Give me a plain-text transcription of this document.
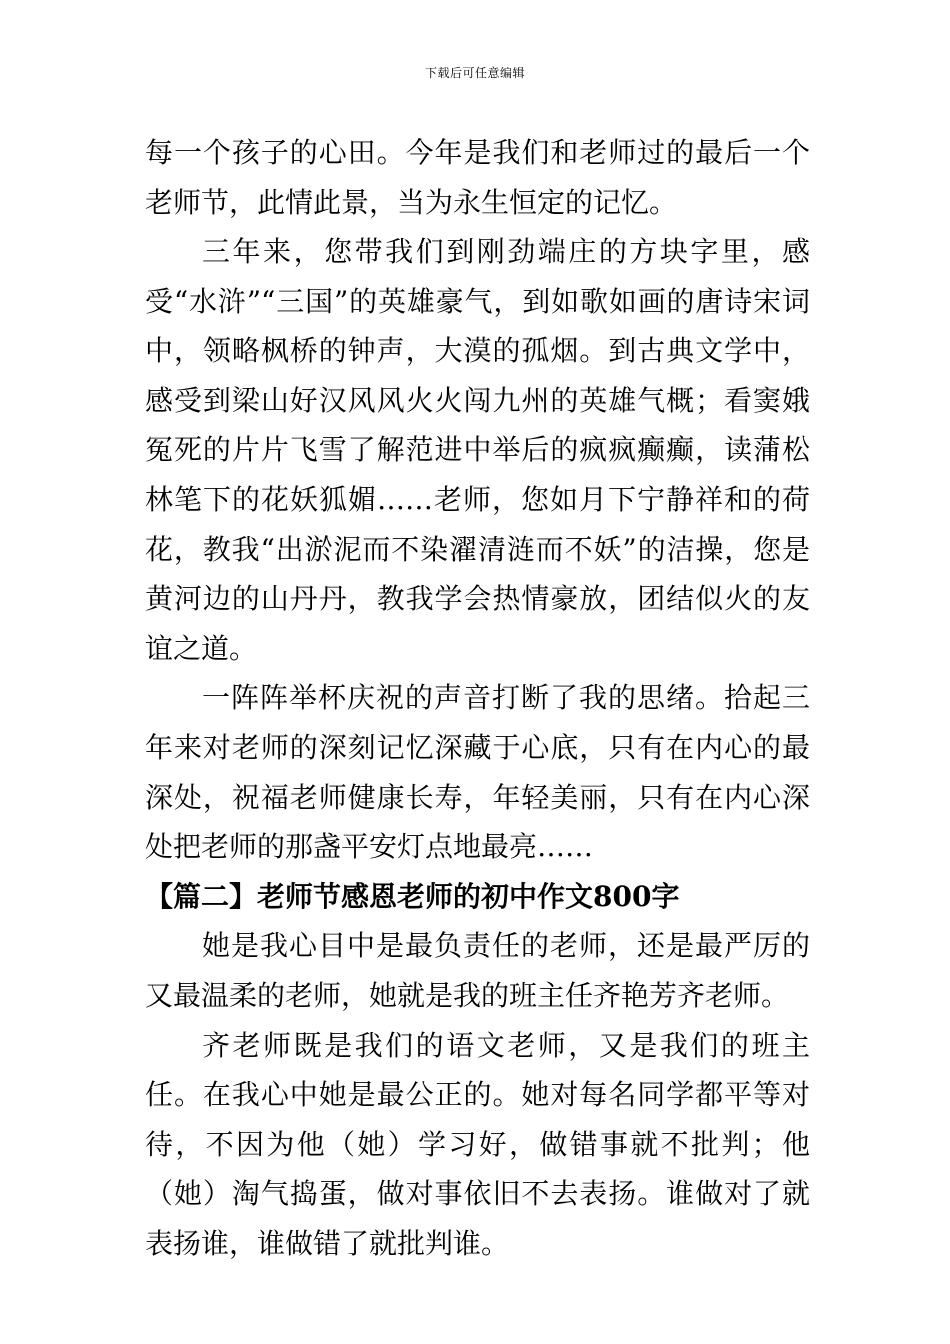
下载后可任意编辑

每一个孩子的心田。今年是我们和老师过的最后一个老师节，此情此景，当为永生恒定的记忆。

三年来，您带我们到刚劲端庄的方块字里，感受“水浒”“三国”的英雄豪气，到如歌如画的唐诗宋词中，领略枫桥的钟声，大漠的孤烟。到古典文学中，感受到梁山好汉风风火火闯九州的英雄气概；看窦娥冤死的片片飞雪了解范进中举后的疯疯癫癫，读蒲松林笔下的花妖狐媚……老师，您如月下宁静祥和的荷花，教我“出淤泥而不染濯清涟而不妖”的洁操，您是黄河边的山丹丹，教我学会热情豪放，团结似火的友谊之道。

一阵阵举杯庆祝的声音打断了我的思绪。拾起三年来对老师的深刻记忆深藏于心底，只有在内心的最深处，祝福老师健康长寿，年轻美丽，只有在内心深处把老师的那盏平安灯点地最亮……

【篇二】老师节感恩老师的初中作文800字

她是我心目中是最负责任的老师，还是最严厉的又最温柔的老师，她就是我的班主任齐艳芳齐老师。

齐老师既是我们的语文老师，又是我们的班主任。在我心中她是最公正的。她对每名同学都平等对待，不因为他（她）学习好，做错事就不批判；他（她）淘气捣蛋，做对事依旧不去表扬。谁做对了就表扬谁，谁做错了就批判谁。
